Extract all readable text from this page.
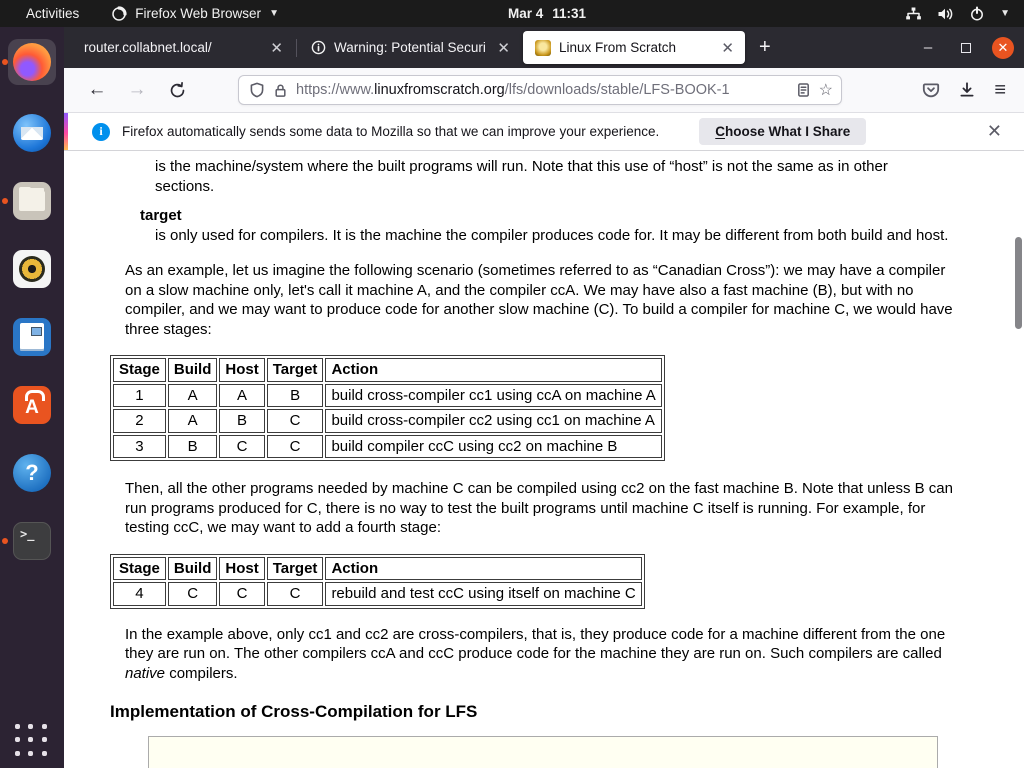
Activities	Firefox Web Browser ▼	Mar 4 11:31	▼
A
?
>_
router.collabnet.local/	✕	Warning: Potential Securi ✕	Linux From Scratch	✕	+	–	✕
← →	https://www.linuxfromscratch.org/lfs/downloads/stable/LFS-BOOK-1	☆	≡
i	Firefox automatically sends some data to Mozilla so that we can improve your experience.	Choose What I Share	✕
is the machine/system where the built programs will run. Note that this use of “host” is not the same as in other sections.
target
is only used for compilers. It is the machine the compiler produces code for. It may be different from both build and host.

As an example, let us imagine the following scenario (sometimes referred to as “Canadian Cross”): we may have a compiler on a slow machine only, let's call it machine A, and the compiler ccA. We may have also a fast machine (B), but with no compiler, and we may want to produce code for another slow machine (C). To build a compiler for machine C, we would have three stages:

Stage	Build	Host	Target	Action
1	A	A	B	build cross-compiler cc1 using ccA on machine A
2	A	B	C	build cross-compiler cc2 using cc1 on machine A
3	B	C	C	build compiler ccC using cc2 on machine B

Then, all the other programs needed by machine C can be compiled using cc2 on the fast machine B. Note that unless B can run programs produced for C, there is no way to test the built programs until machine C itself is running. For example, for testing ccC, we may want to add a fourth stage:

Stage	Build	Host	Target	Action
4	C	C	C	rebuild and test ccC using itself on machine C

In the example above, only cc1 and cc2 are cross-compilers, that is, they produce code for a machine different from the one they are run on. The other compilers ccA and ccC produce code for the machine they are run on. Such compilers are called native compilers.

Implementation of Cross-Compilation for LFS
